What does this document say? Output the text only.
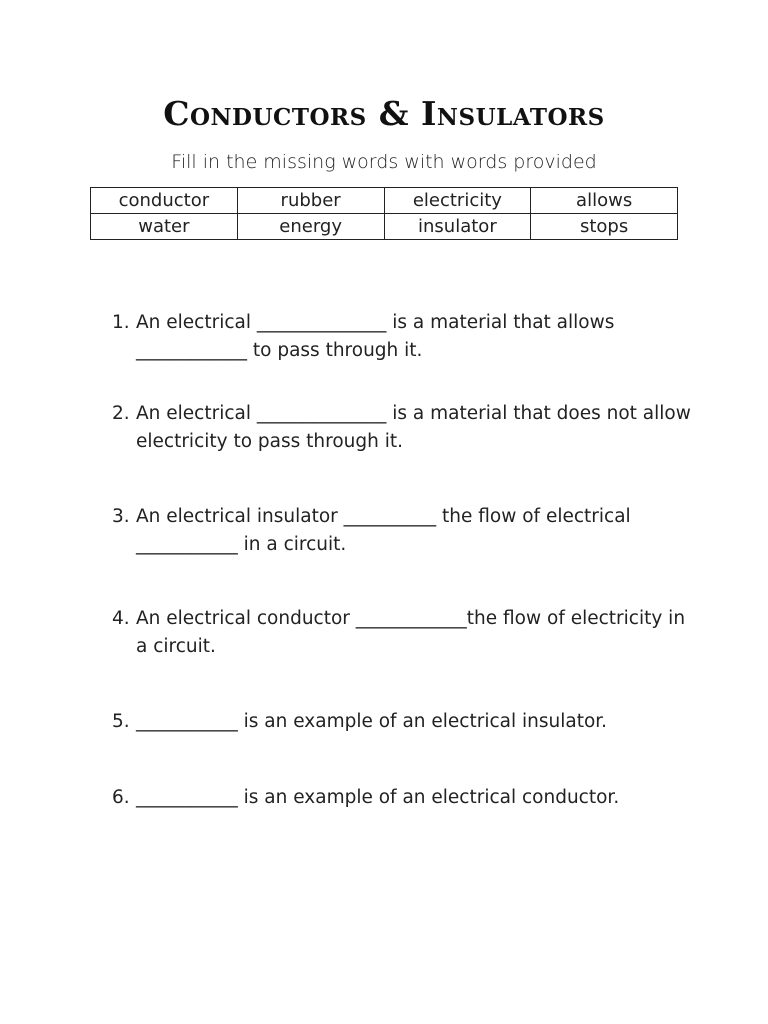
Conductors & Insulators
Fill in the missing words with words provided
conductor	rubber	electricity	allows
water	energy	insulator	stops
1. An electrical ______________ is a material that allows ____________ to pass through it.
2. An electrical ______________ is a material that does not allow electricity to pass through it.
3. An electrical insulator __________ the flow of electrical ___________ in a circuit.
4. An electrical conductor ____________the flow of electricity in a circuit.
5. ___________ is an example of an electrical insulator.
6. ___________ is an example of an electrical conductor.
